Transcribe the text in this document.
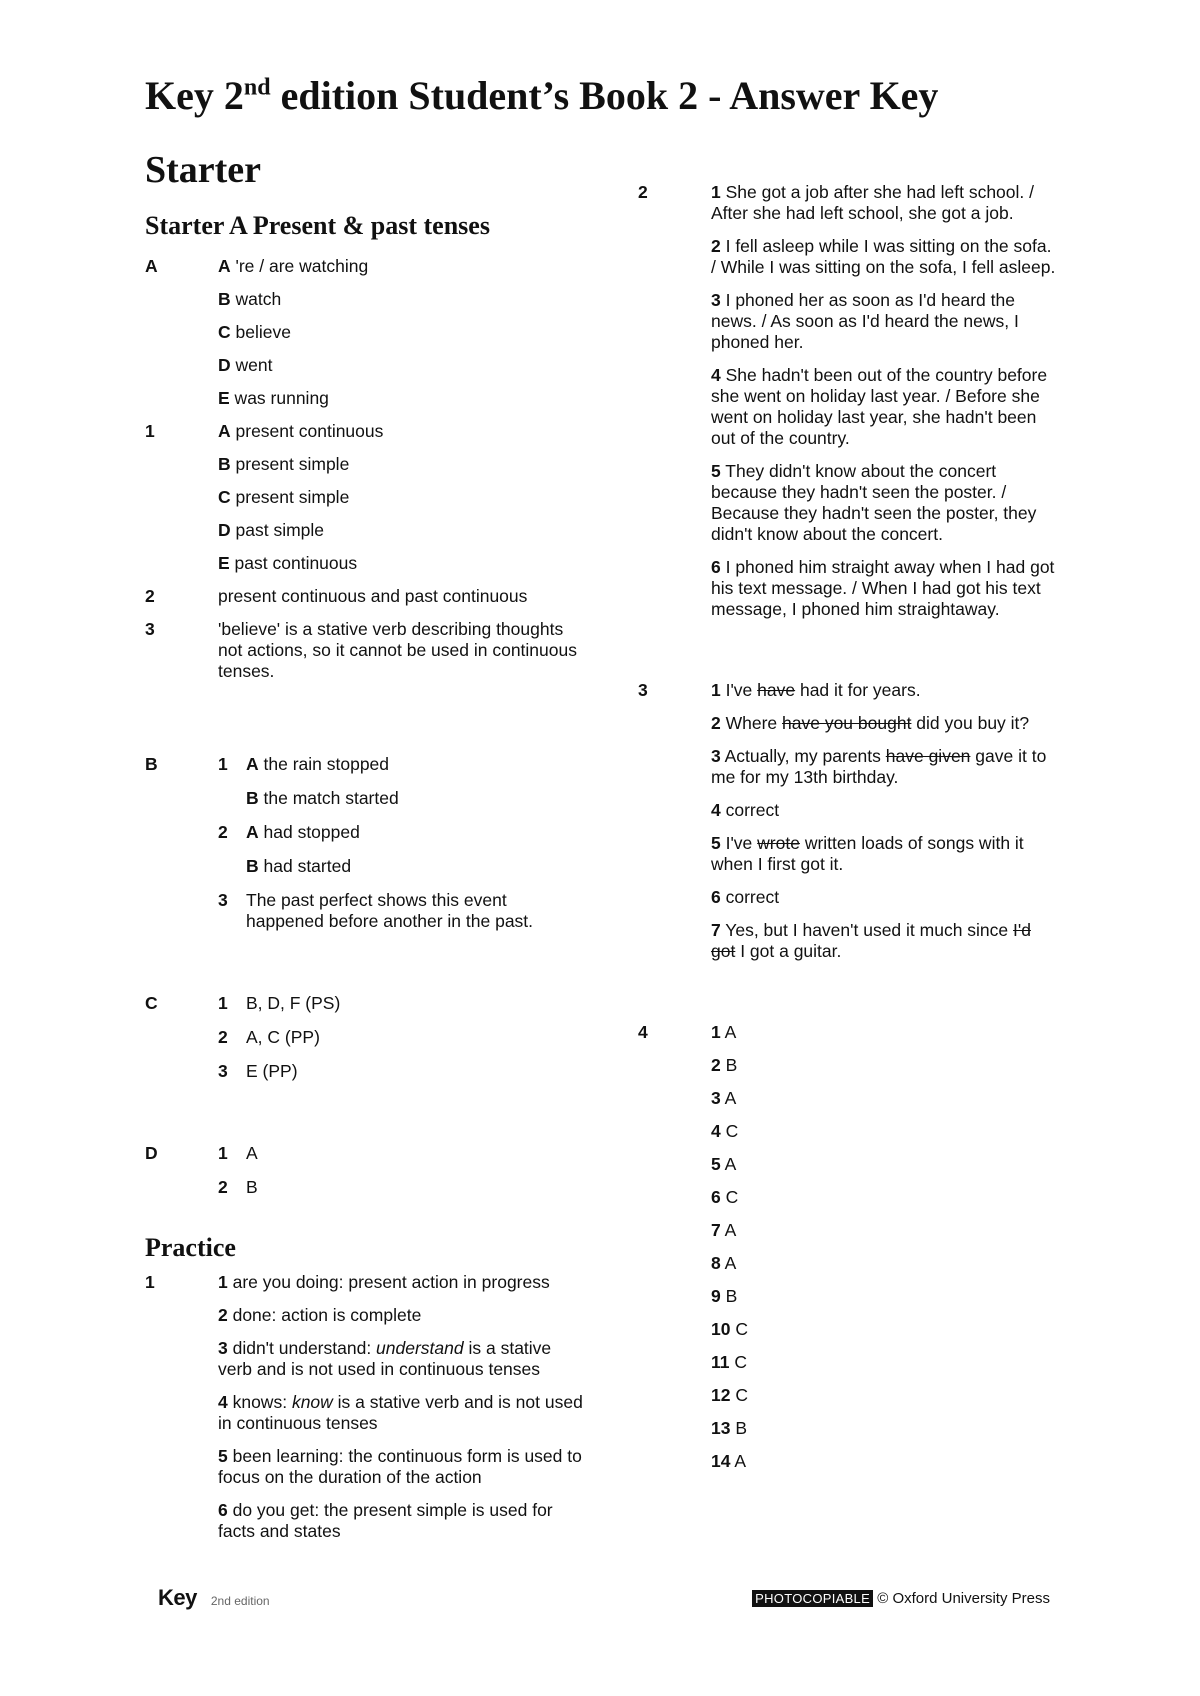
Key 2nd edition Student’s Book 2 - Answer Key
Starter
Starter A Present & past tenses
A	A 're / are watching
B watch
C believe
D went
E was running
1	A present continuous
B present simple
C present simple
D past simple
E past continuous
2	present continuous and past continuous
3	'believe' is a stative verb describing thoughts not actions, so it cannot be used in continuous tenses.
B	1	A the rain stopped
B the match started
2	A had stopped
B had started
3	The past perfect shows this event happened before another in the past.
C	1	B, D, F (PS)
2	A, C (PP)
3	E (PP)
D	1	A
2	B
Practice
1	1 are you doing: present action in progress
2 done: action is complete
3 didn't understand: understand is a stative verb and is not used in continuous tenses
4 knows: know is a stative verb and is not used in continuous tenses
5 been learning: the continuous form is used to focus on the duration of the action
6 do you get: the present simple is used for facts and states
2	1 She got a job after she had left school. / After she had left school, she got a job.
2 I fell asleep while I was sitting on the sofa. / While I was sitting on the sofa, I fell asleep.
3 I phoned her as soon as I'd heard the news. / As soon as I'd heard the news, I phoned her.
4 She hadn't been out of the country before she went on holiday last year. / Before she went on holiday last year, she hadn't been out of the country.
5 They didn't know about the concert because they hadn't seen the poster. / Because they hadn't seen the poster, they didn't know about the concert.
6 I phoned him straight away when I had got his text message. / When I had got his text message, I phoned him straightaway.
3	1 I've have had it for years.
2 Where have you bought did you buy it?
3 Actually, my parents have given gave it to me for my 13th birthday.
4 correct
5 I've wrote written loads of songs with it when I first got it.
6 correct
7 Yes, but I haven't used it much since I'd got I got a guitar.
4	1 A
2 B
3 A
4 C
5 A
6 C
7 A
8 A
9 B
10 C
11 C
12 C
13 B
14 A
Key 2nd edition	PHOTOCOPIABLE © Oxford University Press
